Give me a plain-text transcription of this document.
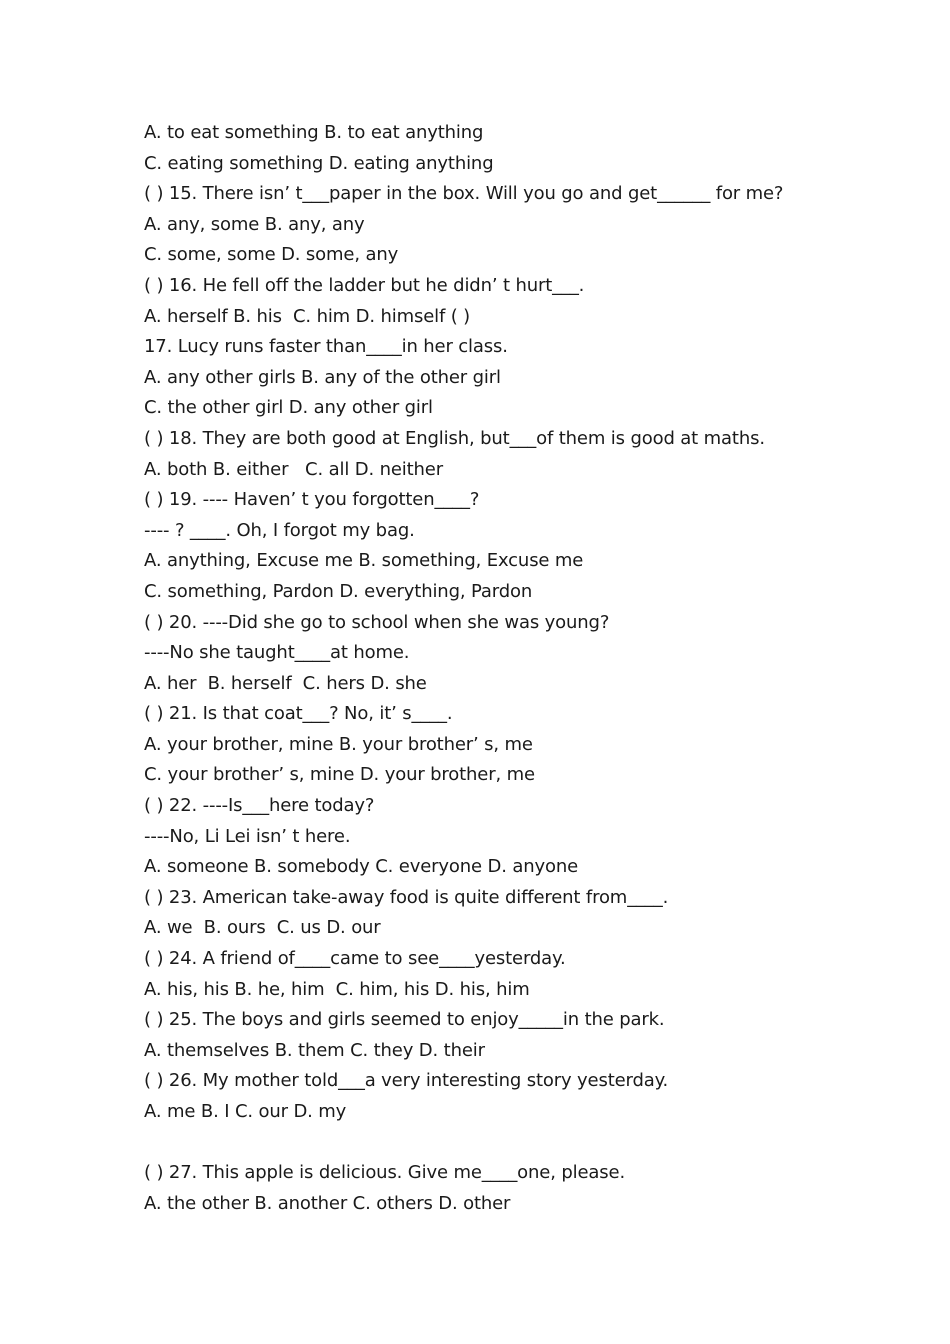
A. to eat something B. to eat anything
C. eating something D. eating anything
( ) 15. There isn’ t___paper in the box. Will you go and get______ for me?
A. any, some B. any, any
C. some, some D. some, any
( ) 16. He fell off the ladder but he didn’ t hurt___.
A. herself B. his  C. him D. himself ( )
17. Lucy runs faster than____in her class.
A. any other girls B. any of the other girl
C. the other girl D. any other girl
( ) 18. They are both good at English, but___of them is good at maths.
A. both B. either   C. all D. neither
( ) 19. ---- Haven’ t you forgotten____?
---- ? ____. Oh, I forgot my bag.
A. anything, Excuse me B. something, Excuse me
C. something, Pardon D. everything, Pardon
( ) 20. ----Did she go to school when she was young?
----No she taught____at home.
A. her  B. herself  C. hers D. she
( ) 21. Is that coat___? No, it’ s____.
A. your brother, mine B. your brother’ s, me
C. your brother’ s, mine D. your brother, me
( ) 22. ----Is___here today?
----No, Li Lei isn’ t here.
A. someone B. somebody C. everyone D. anyone
( ) 23. American take-away food is quite different from____.
A. we  B. ours  C. us D. our
( ) 24. A friend of____came to see____yesterday.
A. his, his B. he, him  C. him, his D. his, him
( ) 25. The boys and girls seemed to enjoy_____in the park.
A. themselves B. them C. they D. their
( ) 26. My mother told___a very interesting story yesterday.
A. me B. I C. our D. my
( ) 27. This apple is delicious. Give me____one, please.
A. the other B. another C. others D. other
